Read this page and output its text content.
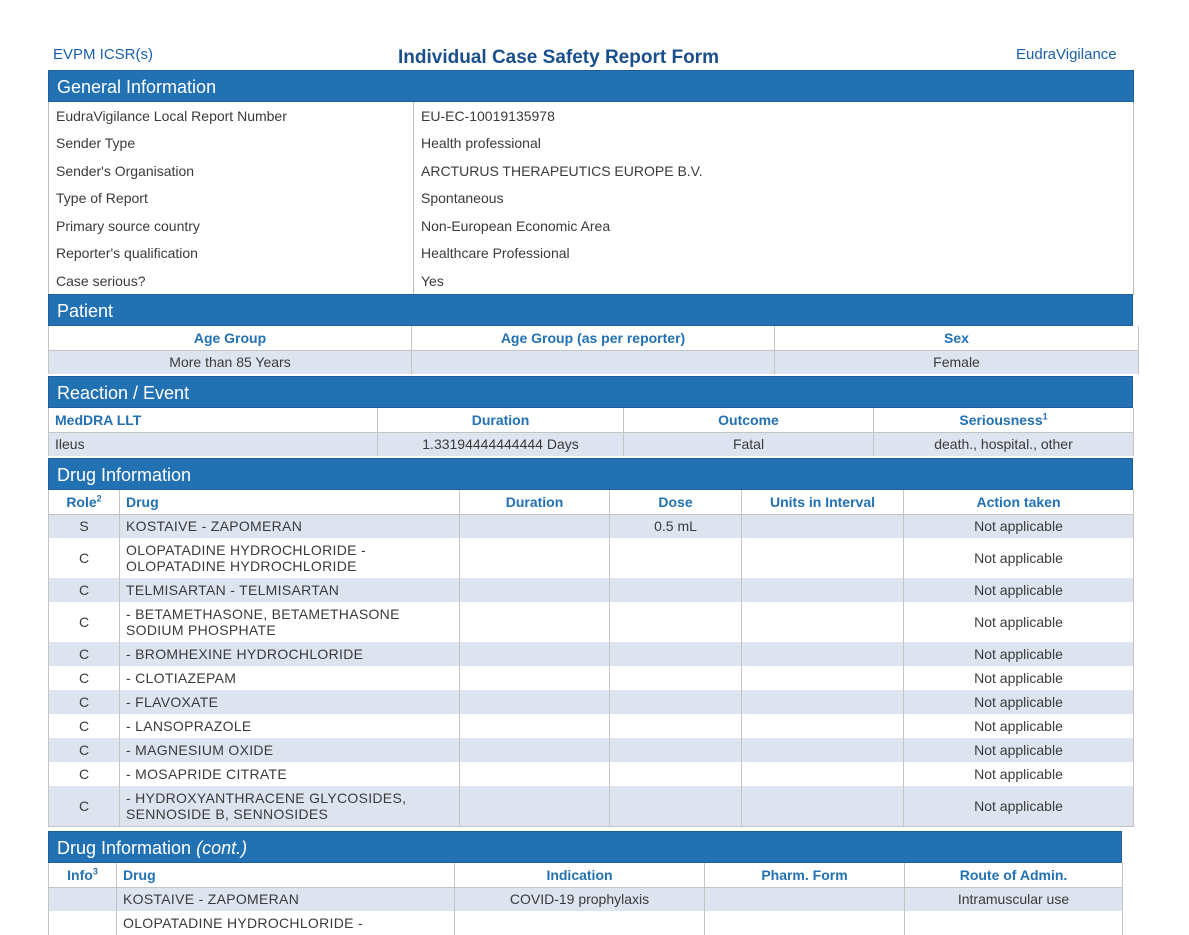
EVPM ICSR(s)	Individual Case Safety Report Form	EudraVigilance
General Information
EudraVigilance Local Report Number	EU-EC-10019135978
Sender Type	Health professional
Sender's Organisation	ARCTURUS THERAPEUTICS EUROPE B.V.
Type of Report	Spontaneous
Primary source country	Non-European Economic Area
Reporter's qualification	Healthcare Professional
Case serious?	Yes
Patient
Age Group	Age Group (as per reporter)	Sex
More than 85 Years		Female
Reaction / Event
MedDRA LLT	Duration	Outcome	Seriousness$^1$
Ileus	1.33194444444444 Days	Fatal	death., hospital., other
Drug Information
Role$^2$	Drug	Duration	Dose	Units in Interval	Action taken
S	KOSTAIVE - ZAPOMERAN		0.5 mL		Not applicable
C	OLOPATADINE HYDROCHLORIDE - OLOPATADINE HYDROCHLORIDE				Not applicable
C	TELMISARTAN - TELMISARTAN				Not applicable
C	- BETAMETHASONE, BETAMETHASONE SODIUM PHOSPHATE				Not applicable
C	- BROMHEXINE HYDROCHLORIDE				Not applicable
C	- CLOTIAZEPAM				Not applicable
C	- FLAVOXATE				Not applicable
C	- LANSOPRAZOLE				Not applicable
C	- MAGNESIUM OXIDE				Not applicable
C	- MOSAPRIDE CITRATE				Not applicable
C	- HYDROXYANTHRACENE GLYCOSIDES, SENNOSIDE B, SENNOSIDES				Not applicable
Drug Information (cont.)
Info$^3$	Drug	Indication	Pharm. Form	Route of Admin.
	KOSTAIVE - ZAPOMERAN	COVID-19 prophylaxis		Intramuscular use
	OLOPATADINE HYDROCHLORIDE -			
